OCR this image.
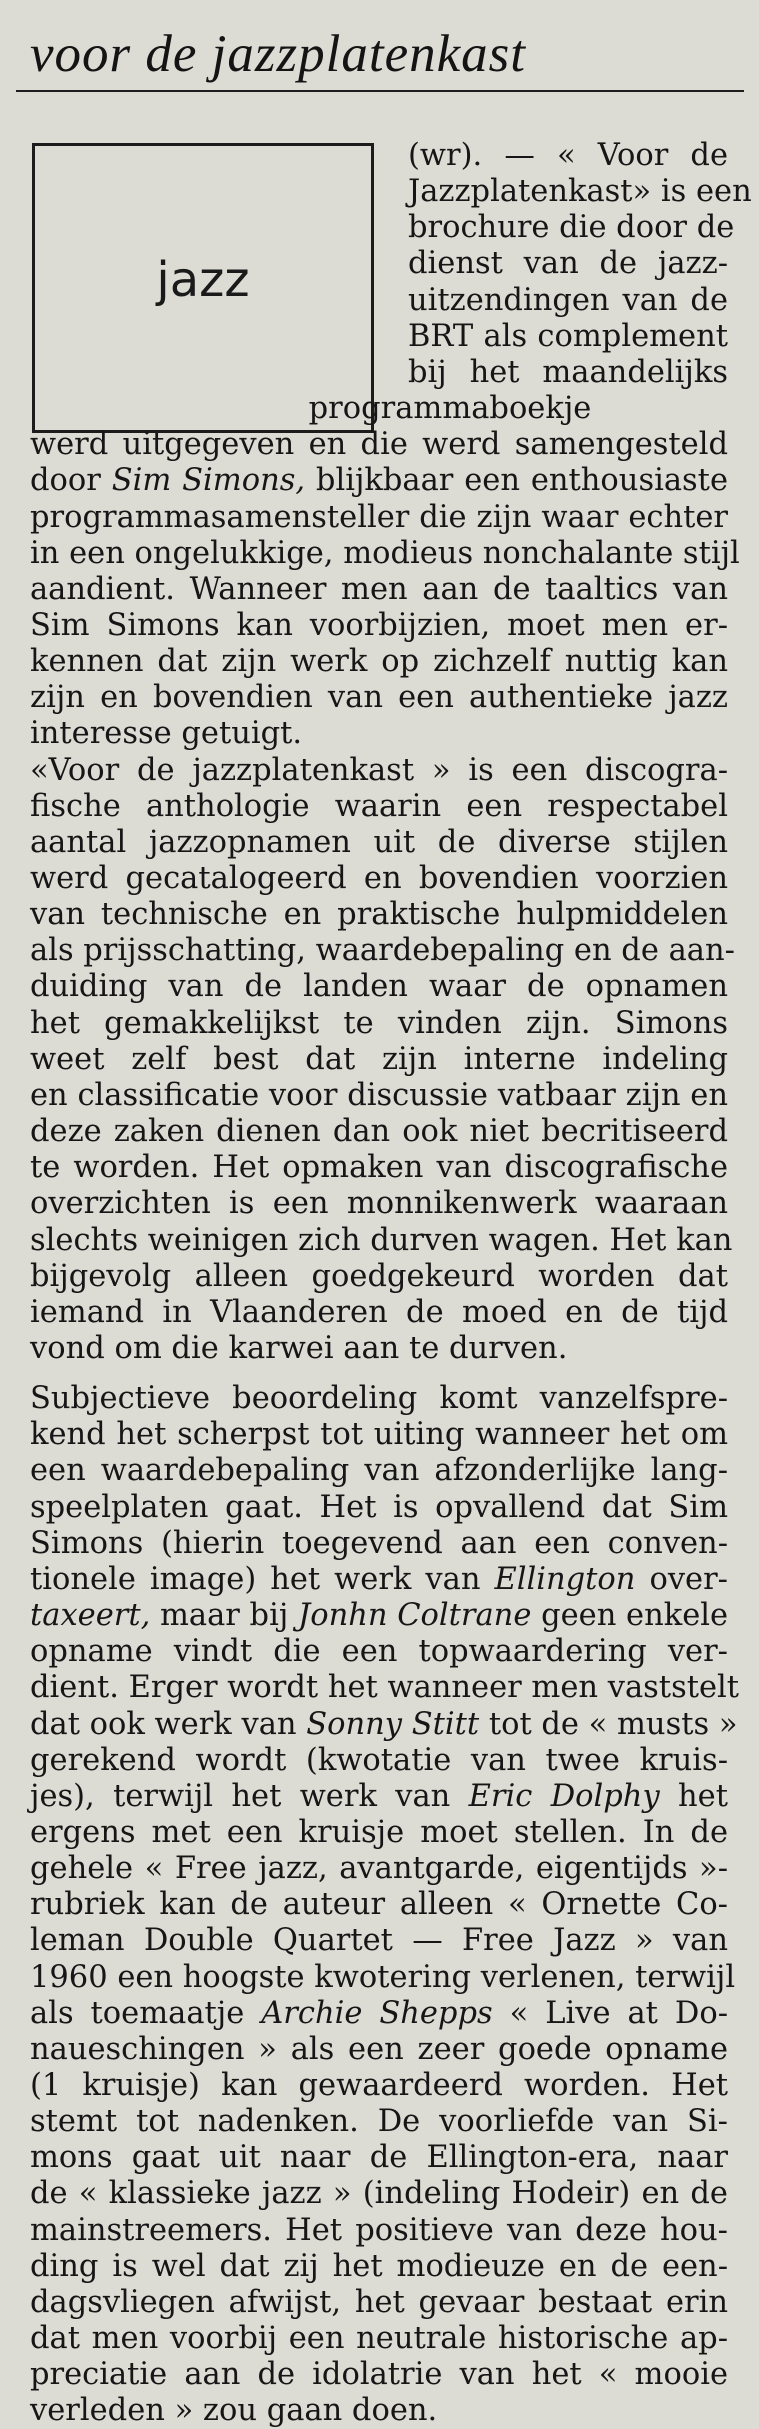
voor de jazzplatenkast
jazz
(wr). — « Voor de
Jazzplatenkast» is een
brochure die door de
dienst van de jazz-
uitzendingen van de
BRT als complement
bij het maandelijks
programmaboekje
werd uitgegeven en die werd samengesteld
door Sim Simons, blijkbaar een enthousiaste
programmasamensteller die zijn waar echter
in een ongelukkige, modieus nonchalante stijl
aandient. Wanneer men aan de taaltics van
Sim Simons kan voorbijzien, moet men er-
kennen dat zijn werk op zichzelf nuttig kan
zijn en bovendien van een authentieke jazz
interesse getuigt.
«Voor de jazzplatenkast » is een discogra-
fische anthologie waarin een respectabel
aantal jazzopnamen uit de diverse stijlen
werd gecatalogeerd en bovendien voorzien
van technische en praktische hulpmiddelen
als prijsschatting, waardebepaling en de aan-
duiding van de landen waar de opnamen
het gemakkelijkst te vinden zijn. Simons
weet zelf best dat zijn interne indeling
en classificatie voor discussie vatbaar zijn en
deze zaken dienen dan ook niet becritiseerd
te worden. Het opmaken van discografische
overzichten is een monnikenwerk waaraan
slechts weinigen zich durven wagen. Het kan
bijgevolg alleen goedgekeurd worden dat
iemand in Vlaanderen de moed en de tijd
vond om die karwei aan te durven.
Subjectieve beoordeling komt vanzelfspre-
kend het scherpst tot uiting wanneer het om
een waardebepaling van afzonderlijke lang-
speelplaten gaat. Het is opvallend dat Sim
Simons (hierin toegevend aan een conven-
tionele image) het werk van Ellington over-
taxeert, maar bij Jonhn Coltrane geen enkele
opname vindt die een topwaardering ver-
dient. Erger wordt het wanneer men vaststelt
dat ook werk van Sonny Stitt tot de « musts »
gerekend wordt (kwotatie van twee kruis-
jes), terwijl het werk van Eric Dolphy het
ergens met een kruisje moet stellen. In de
gehele « Free jazz, avantgarde, eigentijds »-
rubriek kan de auteur alleen « Ornette Co-
leman Double Quartet — Free Jazz » van
1960 een hoogste kwotering verlenen, terwijl
als toemaatje Archie Shepps « Live at Do-
naueschingen » als een zeer goede opname
(1 kruisje) kan gewaardeerd worden. Het
stemt tot nadenken. De voorliefde van Si-
mons gaat uit naar de Ellington-era, naar
de « klassieke jazz » (indeling Hodeir) en de
mainstreemers. Het positieve van deze hou-
ding is wel dat zij het modieuze en de een-
dagsvliegen afwijst, het gevaar bestaat erin
dat men voorbij een neutrale historische ap-
preciatie aan de idolatrie van het « mooie
verleden » zou gaan doen.
